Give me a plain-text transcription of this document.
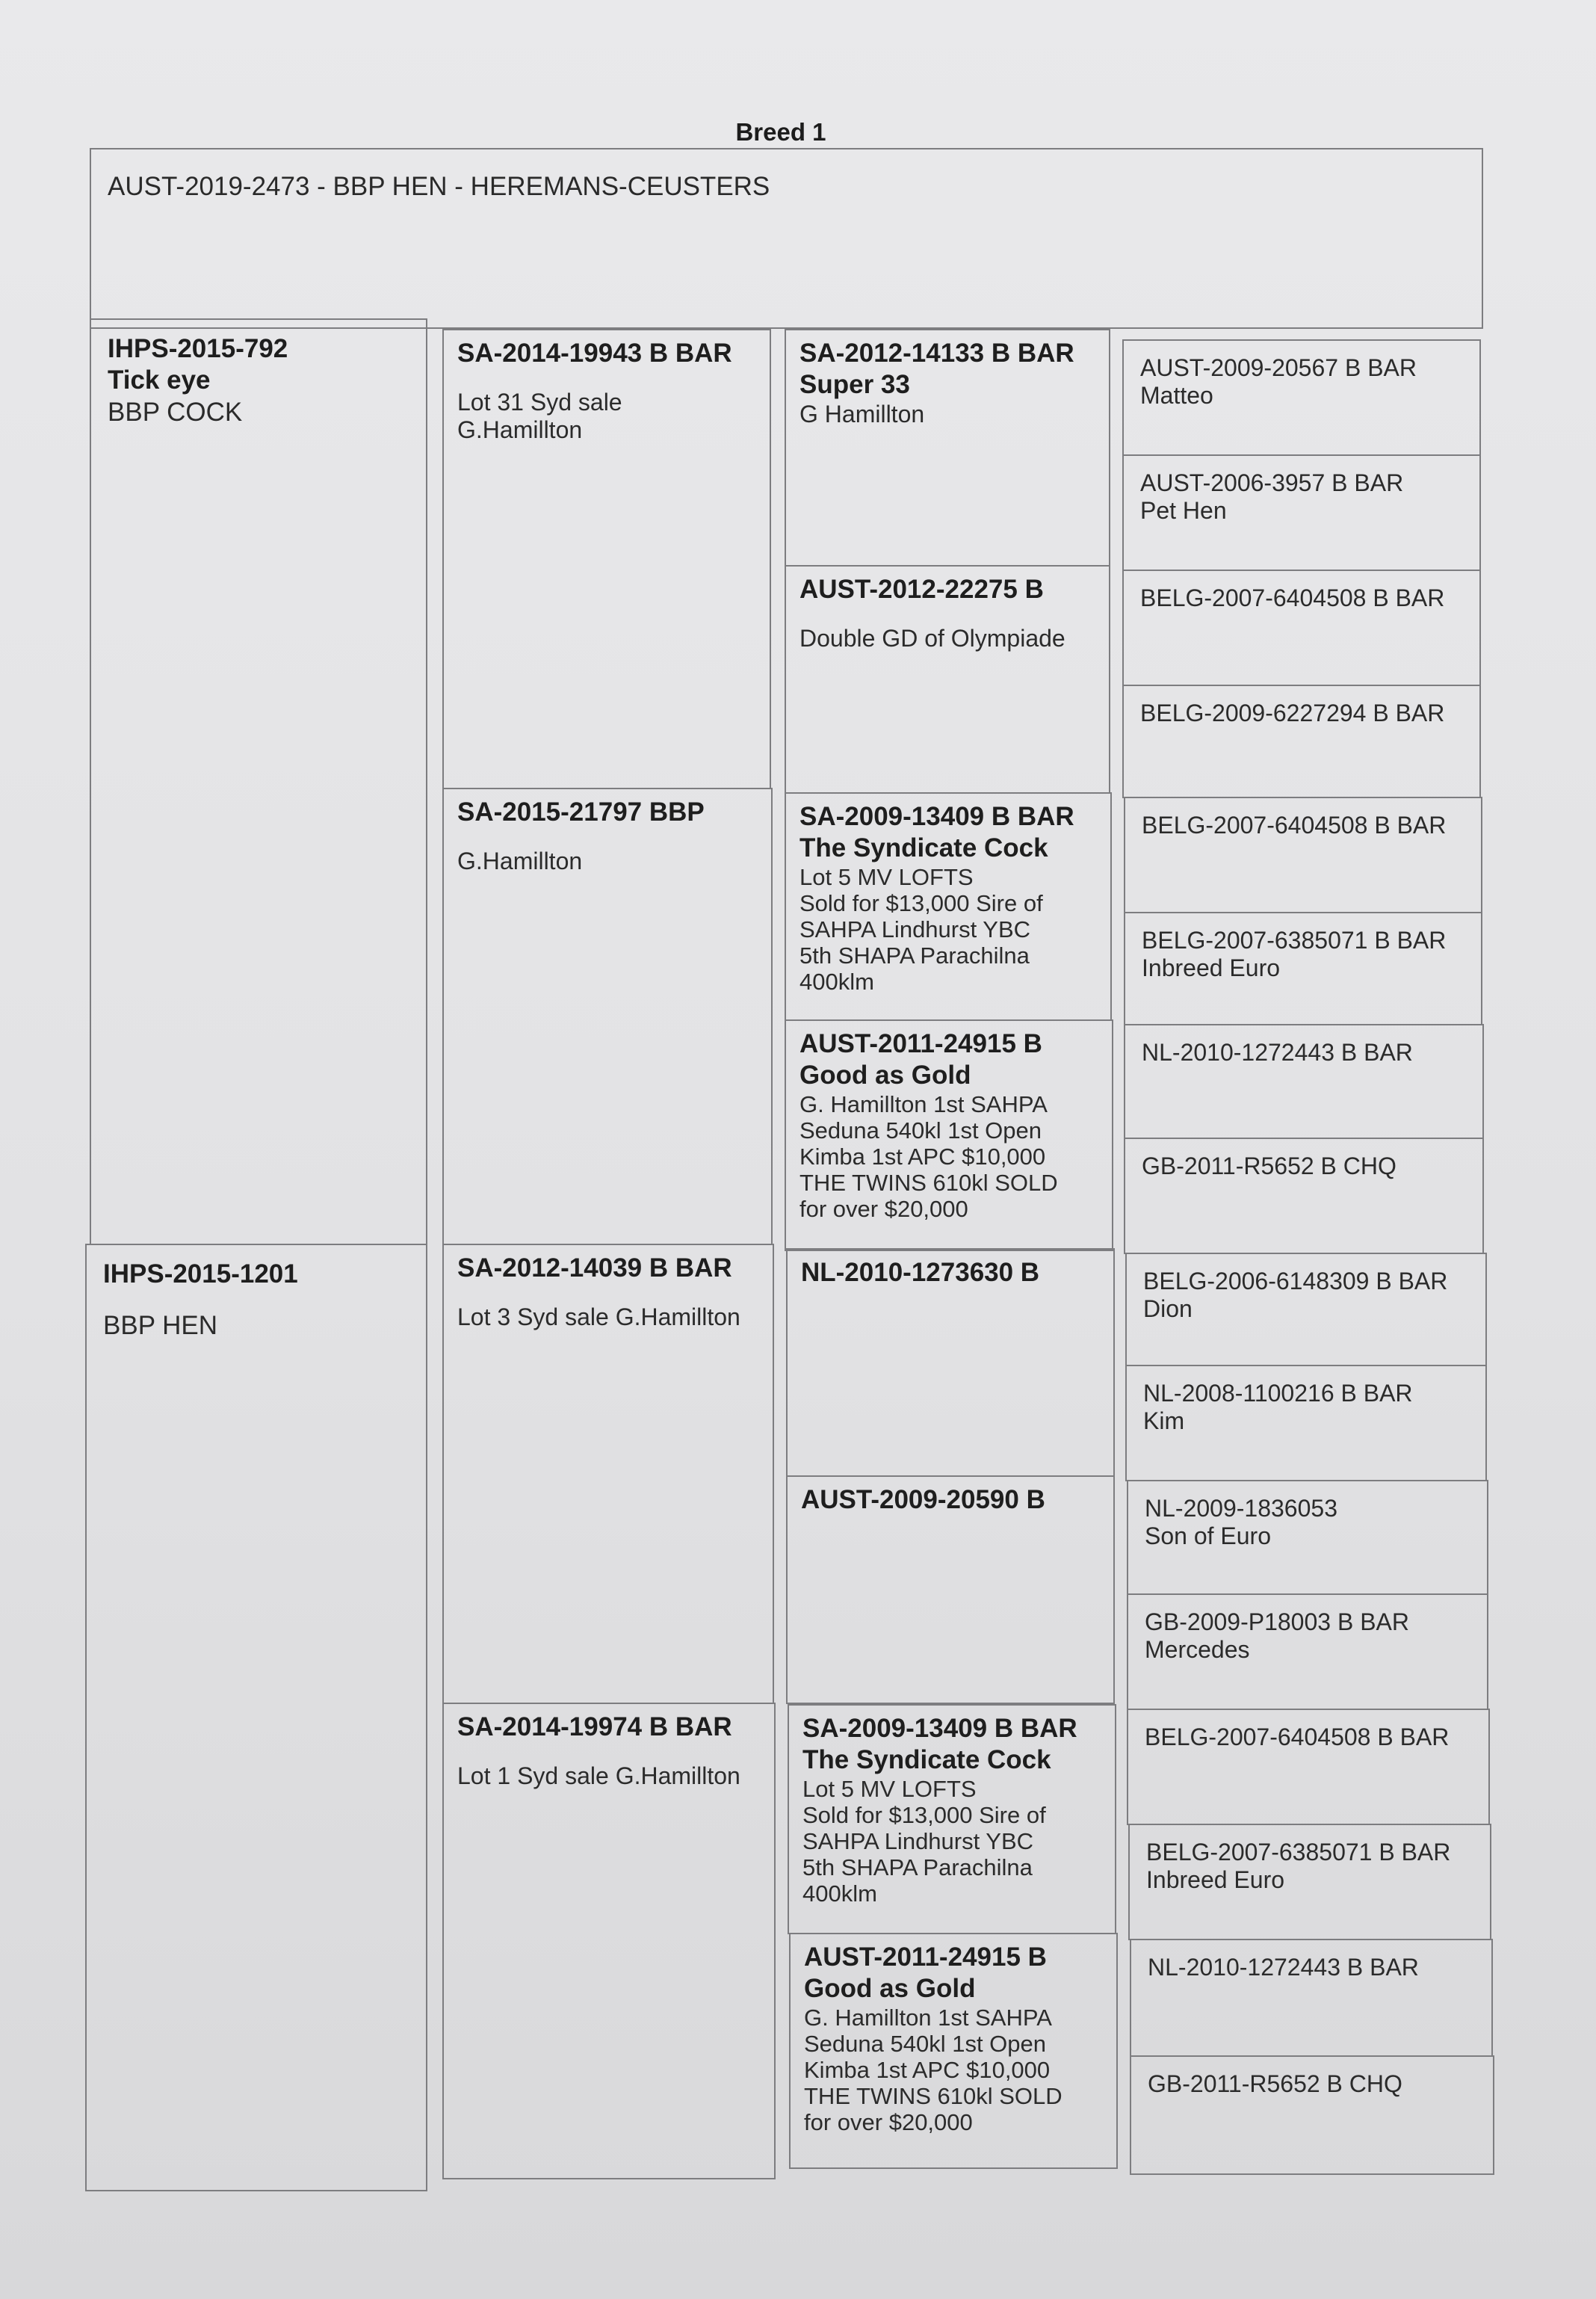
Breed 1
AUST-2019-2473 - BBP HEN - HEREMANS-CEUSTERS
IHPS-2015-792
Tick eye
BBP COCK
IHPS-2015-1201
BBP HEN
SA-2014-19943 B BAR
Lot 31 Syd sale
G.Hamillton
SA-2015-21797 BBP
G.Hamillton
SA-2012-14039 B BAR
Lot 3 Syd sale G.Hamillton
SA-2014-19974 B BAR
Lot 1 Syd sale G.Hamillton
SA-2012-14133 B BAR
Super 33
G Hamillton
AUST-2012-22275 B
Double GD of Olympiade
SA-2009-13409 B BAR
The Syndicate Cock
Lot 5 MV LOFTS
Sold for $13,000 Sire of
SAHPA Lindhurst YBC
5th SHAPA Parachilna
400klm
AUST-2011-24915 B
Good as Gold
G. Hamillton 1st SAHPA
Seduna 540kl 1st Open
Kimba 1st APC $10,000
THE TWINS 610kl SOLD
for over $20,000
NL-2010-1273630 B
AUST-2009-20590 B
SA-2009-13409 B BAR
The Syndicate Cock
Lot 5 MV LOFTS
Sold for $13,000 Sire of
SAHPA Lindhurst YBC
5th SHAPA Parachilna
400klm
AUST-2011-24915 B
Good as Gold
G. Hamillton 1st SAHPA
Seduna 540kl 1st Open
Kimba 1st APC $10,000
THE TWINS 610kl SOLD
for over $20,000
AUST-2009-20567 B BAR
Matteo
AUST-2006-3957 B BAR
Pet Hen
BELG-2007-6404508 B BAR
BELG-2009-6227294 B BAR
BELG-2007-6404508 B BAR
BELG-2007-6385071 B BAR
Inbreed Euro
NL-2010-1272443 B BAR
GB-2011-R5652 B CHQ
BELG-2006-6148309 B BAR
Dion
NL-2008-1100216 B BAR
Kim
NL-2009-1836053
Son of Euro
GB-2009-P18003 B BAR
Mercedes
BELG-2007-6404508 B BAR
BELG-2007-6385071 B BAR
Inbreed Euro
NL-2010-1272443 B BAR
GB-2011-R5652 B CHQ
